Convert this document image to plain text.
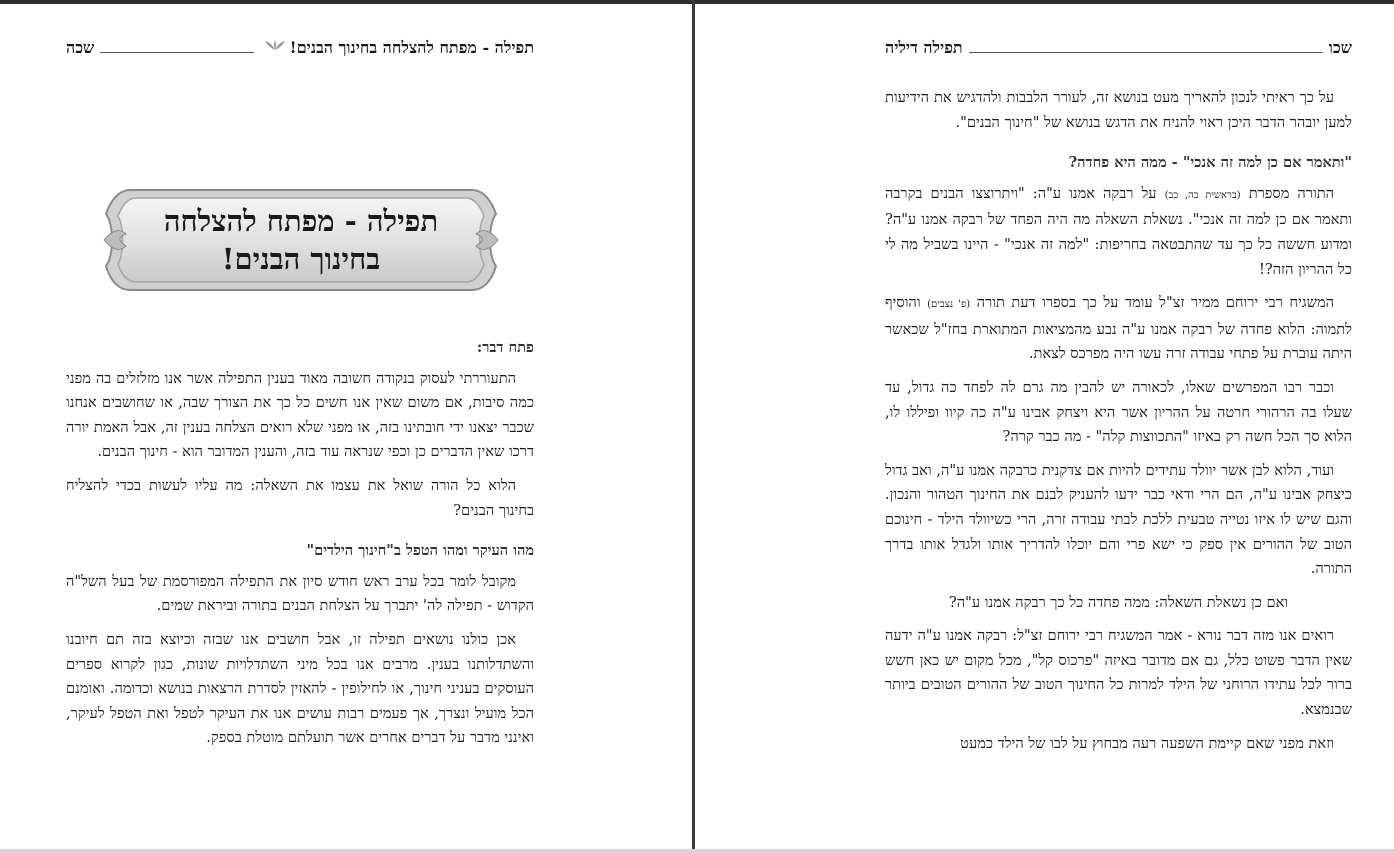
תפילה - מפתח להצלחה בחינוך הבנים!
שכה
תפילה - מפתח להצלחה
בחינוך הבנים!
פתח דבר:

התעוררתי לעסוק בנקודה חשובה מאוד בענין התפילה אשר אנו מזלזלים בה מפני כמה סיבות, אם משום שאין אנו חשים כל כך את הצורך שבה, או שחושבים אנחנו שכבר יצאנו ידי חובתינו בזה, או מפני שלא רואים הצלחה בענין זה, אבל האמת יורה דרכו שאין הדברים כן וכפי שנראה עוד בזה, והענין המדובר הוא - חינוך הבנים.

הלוא כל הורה שואל את עצמו את השאלה: מה עליו לעשות בכדי להצליח בחינוך הבנים?

מהו העיקר ומהו הטפל ב"חינוך הילדים"

מקובל לומר בכל ערב ראש חודש סיון את התפילה המפורסמת של בעל השל"ה הקדוש - תפילה לה' יתברך על הצלחת הבנים בתורה וביראת שמים.

אכן כולנו נושאים תפילה זו, אבל חושבים אנו שבזה וכיוצא בזה תם חיובנו והשתדלותנו בענין. מרבים אנו בכל מיני השתדלויות שונות, כגון לקרוא ספרים העוסקים בעניני חינוך, או לחילופין - להאזין לסדרת הרצאות בנושא וכדומה. ואומנם הכל מועיל ונצרך, אך פעמים רבות עושים אנו את העיקר לטפל ואת הטפל לעיקר, ואינני מדבר על דברים אחרים אשר תועלתם מוטלת בספק.

שכו
תפילה דיליה

על כך ראיתי לנכון להאריך מעט בנושא זה, לעורר הלבבות ולהדגיש את הידיעות למען יובהר הדבר היכן ראוי להניח את הדגש בנושא של "חינוך הבנים".

"ותאמר אם כן למה זה אנכי" - ממה היא פחדה?

התורה מספרת (בראשית כה, כב) על רבקה אמנו ע"ה: "ויתרוצצו הבנים בקרבה ותאמר אם כן למה זה אנכי". נשאלת השאלה מה היה הפחד של רבקה אמנו ע"ה? ומדוע חששה כל כך עד שהתבטאה בחריפות: "למה זה אנכי" - היינו בשביל מה לי כל ההריון הזה?!

המשגיח רבי ירוחם ממיר זצ"ל עומד על כך בספרו דעת תורה (פ' נצבים) והוסיף לתמוה: הלוא פחדה של רבקה אמנו ע"ה נבע מהמציאות המתוארת בחז"ל שכאשר היתה עוברת על פתחי עבודה זרה עשו היה מפרכס לצאת.

וכבר רבו המפרשים שאלו, לכאורה יש להבין מה גרם לה לפחד כה גדול, עד שעלו בה הרהורי חרטה על ההריון אשר היא ויצחק אבינו ע"ה כה קיוו ופיללו לו, הלוא סך הכל חשה רק באיזו "התכווצות קלה" - מה כבר קרה?

ועוד, הלוא לבן אשר יוולד עתידים להיות אם צדקנית כרבקה אמנו ע"ה, ואב גדול כיצחק אבינו ע"ה, הם הרי ודאי כבר ידעו להעניק לבנם את החינוך הטהור והנכון. והגם שיש לו איזו נטייה טבעית ללכת לבתי עבודה זרה, הרי כשיוולד הילד - חינוכם הטוב של ההורים אין ספק כי ישא פרי והם יוכלו להדריך אותו ולגדל אותו בדרך התורה.

ואם כן נשאלת השאלה: ממה פחדה כל כך רבקה אמנו ע"ה?

רואים אנו מזה דבר נורא - אמר המשגיח רבי ירוחם זצ"ל: רבקה אמנו ע"ה ידעה שאין הדבר פשוט כלל, גם אם מדובר באיזה "פרכוס קל", מכל מקום יש כאן חשש ברור לכל עתידו הרוחני של הילד למרות כל החינוך הטוב של ההורים הטובים ביותר שבנמצא.

וזאת מפני שאם קיימת השפעה רעה מבחוץ על לבו של הילד כמעט
